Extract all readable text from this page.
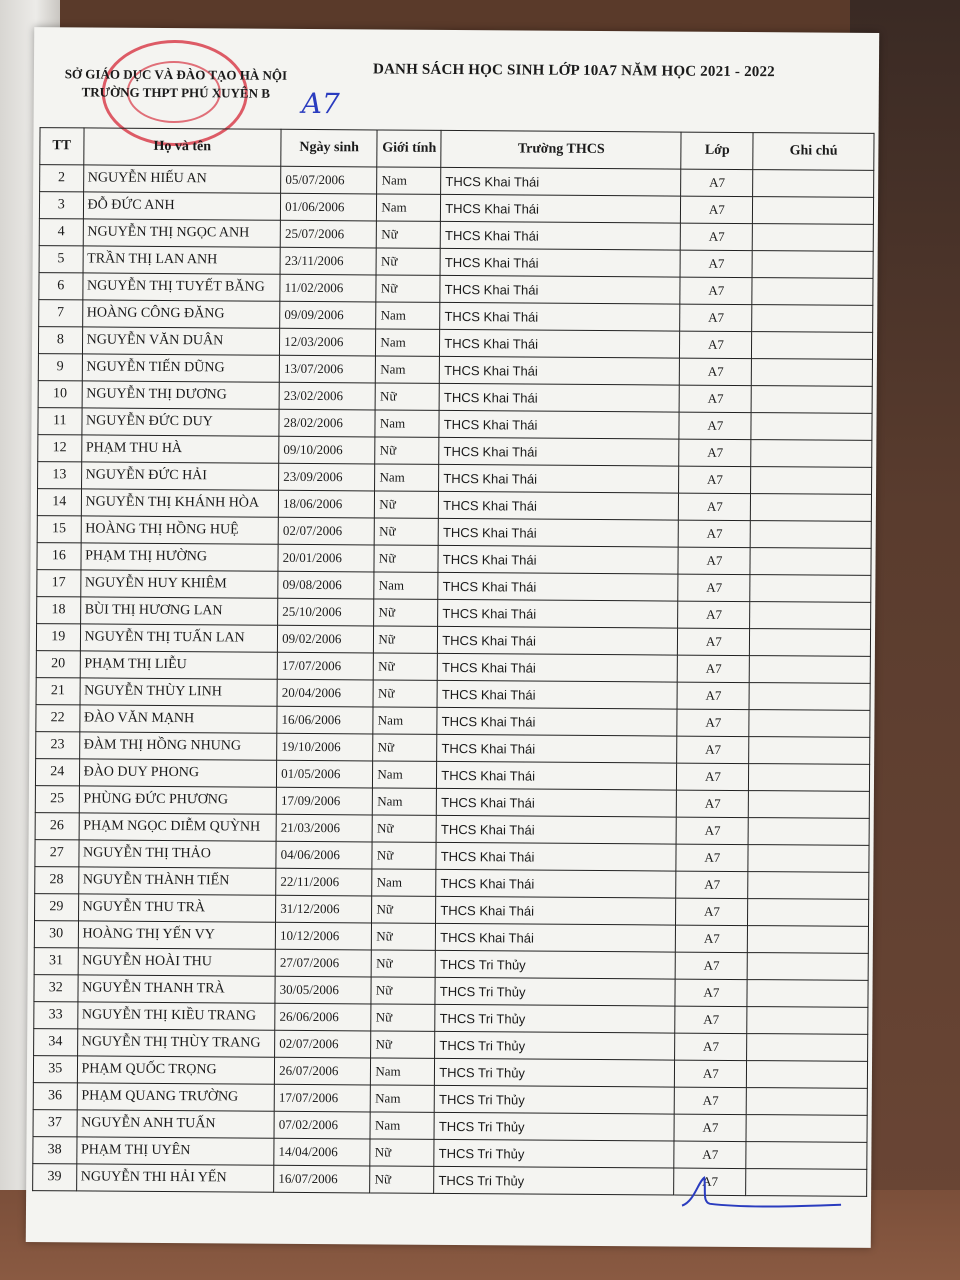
SỞ GIÁO DỤC VÀ ĐÀO TẠO HÀ NỘI
TRƯỜNG THPT PHÚ XUYÊN B
DANH SÁCH HỌC SINH LỚP 10A7 NĂM HỌC 2021 - 2022
A7
TT	Họ và tên	Ngày sinh	Giới tính	Trường THCS	Lớp	Ghi chú
2	NGUYỄN HIẾU AN	05/07/2006	Nam	THCS Khai Thái	A7	
3	ĐỖ ĐỨC ANH	01/06/2006	Nam	THCS Khai Thái	A7	
4	NGUYỄN THỊ NGỌC ANH	25/07/2006	Nữ	THCS Khai Thái	A7	
5	TRẦN THỊ LAN ANH	23/11/2006	Nữ	THCS Khai Thái	A7	
6	NGUYỄN THỊ TUYẾT BĂNG	11/02/2006	Nữ	THCS Khai Thái	A7	
7	HOÀNG CÔNG ĐĂNG	09/09/2006	Nam	THCS Khai Thái	A7	
8	NGUYỄN VĂN DUÂN	12/03/2006	Nam	THCS Khai Thái	A7	
9	NGUYỄN TIẾN DŨNG	13/07/2006	Nam	THCS Khai Thái	A7	
10	NGUYỄN THỊ DƯƠNG	23/02/2006	Nữ	THCS Khai Thái	A7	
11	NGUYỄN ĐỨC DUY	28/02/2006	Nam	THCS Khai Thái	A7	
12	PHẠM THU HÀ	09/10/2006	Nữ	THCS Khai Thái	A7	
13	NGUYỄN ĐỨC HẢI	23/09/2006	Nam	THCS Khai Thái	A7	
14	NGUYỄN THỊ KHÁNH HÒA	18/06/2006	Nữ	THCS Khai Thái	A7	
15	HOÀNG THỊ HỒNG HUỆ	02/07/2006	Nữ	THCS Khai Thái	A7	
16	PHẠM THỊ HƯỜNG	20/01/2006	Nữ	THCS Khai Thái	A7	
17	NGUYỄN HUY KHIÊM	09/08/2006	Nam	THCS Khai Thái	A7	
18	BÙI THỊ HƯƠNG LAN	25/10/2006	Nữ	THCS Khai Thái	A7	
19	NGUYỄN THỊ TUẤN LAN	09/02/2006	Nữ	THCS Khai Thái	A7	
20	PHẠM THỊ LIỄU	17/07/2006	Nữ	THCS Khai Thái	A7	
21	NGUYỄN THÙY LINH	20/04/2006	Nữ	THCS Khai Thái	A7	
22	ĐÀO VĂN MẠNH	16/06/2006	Nam	THCS Khai Thái	A7	
23	ĐÀM THỊ HỒNG NHUNG	19/10/2006	Nữ	THCS Khai Thái	A7	
24	ĐÀO DUY PHONG	01/05/2006	Nam	THCS Khai Thái	A7	
25	PHÙNG ĐỨC PHƯƠNG	17/09/2006	Nam	THCS Khai Thái	A7	
26	PHẠM NGỌC DIỄM QUỲNH	21/03/2006	Nữ	THCS Khai Thái	A7	
27	NGUYỄN THỊ THẢO	04/06/2006	Nữ	THCS Khai Thái	A7	
28	NGUYỄN THÀNH TIẾN	22/11/2006	Nam	THCS Khai Thái	A7	
29	NGUYỄN THU TRÀ	31/12/2006	Nữ	THCS Khai Thái	A7	
30	HOÀNG THỊ YẾN VY	10/12/2006	Nữ	THCS Khai Thái	A7	
31	NGUYỄN HOÀI THU	27/07/2006	Nữ	THCS Tri Thủy	A7	
32	NGUYỄN THANH TRÀ	30/05/2006	Nữ	THCS Tri Thủy	A7	
33	NGUYỄN THỊ KIỀU TRANG	26/06/2006	Nữ	THCS Tri Thủy	A7	
34	NGUYỄN THỊ THÙY TRANG	02/07/2006	Nữ	THCS Tri Thủy	A7	
35	PHẠM QUỐC TRỌNG	26/07/2006	Nam	THCS Tri Thủy	A7	
36	PHẠM QUANG TRƯỜNG	17/07/2006	Nam	THCS Tri Thủy	A7	
37	NGUYỄN ANH TUẤN	07/02/2006	Nam	THCS Tri Thủy	A7	
38	PHẠM THỊ UYÊN	14/04/2006	Nữ	THCS Tri Thủy	A7	
39	NGUYỄN THI HẢI YẾN	16/07/2006	Nữ	THCS Tri Thủy	A7	
